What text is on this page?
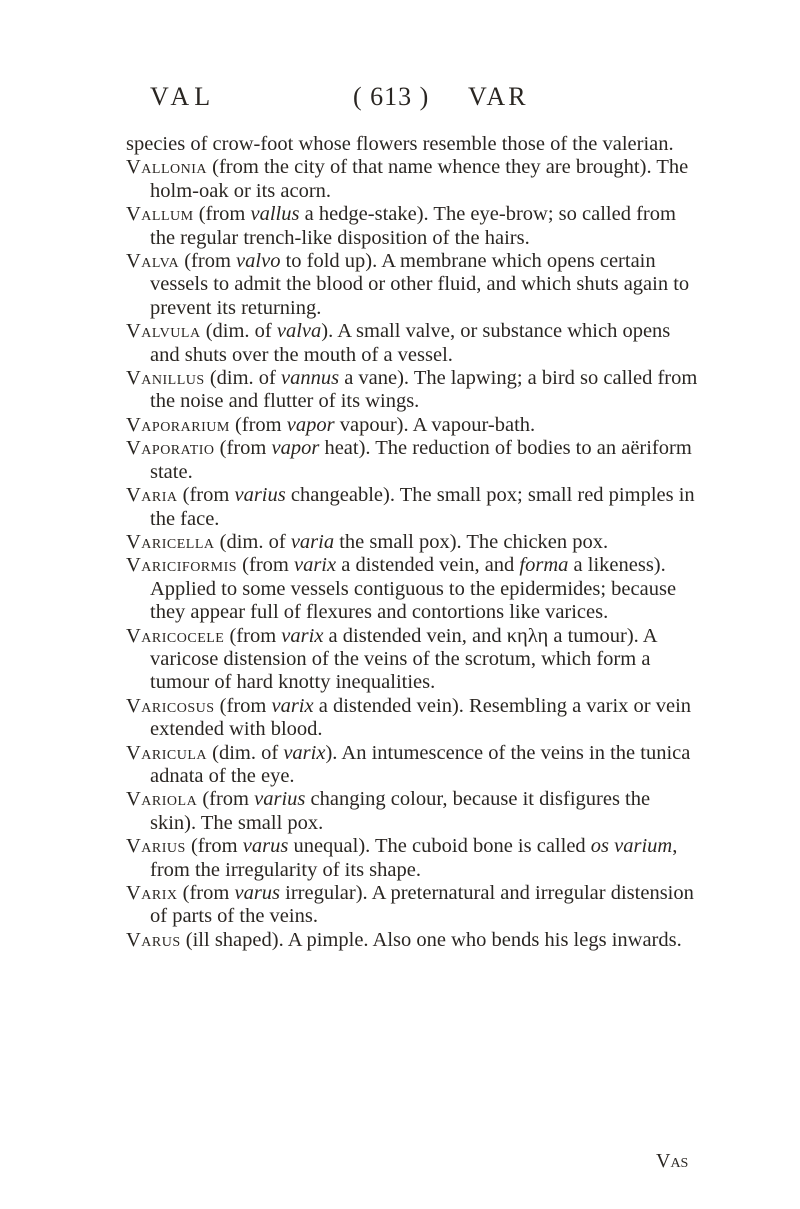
VAL	( 613 ) VAR

species of crow-foot whose flowers resemble those of the valerian.

Vallonia (from the city of that name whence they are brought). The holm-oak or its acorn.

Vallum (from vallus a hedge-stake). The eye-brow; so called from the regular trench-like disposition of the hairs.

Valva (from valvo to fold up). A membrane which opens certain vessels to admit the blood or other fluid, and which shuts again to prevent its returning.

Valvula (dim. of valva). A small valve, or substance which opens and shuts over the mouth of a vessel.

Vanillus (dim. of vannus a vane). The lapwing; a bird so called from the noise and flutter of its wings.

Vaporarium (from vapor vapour). A vapour-bath.

Vaporatio (from vapor heat). The reduction of bodies to an aëriform state.

Varia (from varius changeable). The small pox; small red pimples in the face.

Varicella (dim. of varia the small pox). The chicken pox.

Variciformis (from varix a distended vein, and forma a likeness). Applied to some vessels contiguous to the epidermides; because they appear full of flexures and contortions like varices.

Varicocele (from varix a distended vein, and κηλη a tumour). A varicose distension of the veins of the scrotum, which form a tumour of hard knotty inequalities.

Varicosus (from varix a distended vein). Resembling a varix or vein extended with blood.

Varicula (dim. of varix). An intumescence of the veins in the tunica adnata of the eye.

Variola (from varius changing colour, because it disfigures the skin). The small pox.

Varius (from varus unequal). The cuboid bone is called os varium, from the irregularity of its shape.

Varix (from varus irregular). A preternatural and irregular distension of parts of the veins.

Varus (ill shaped). A pimple. Also one who bends his legs inwards.

Vas
